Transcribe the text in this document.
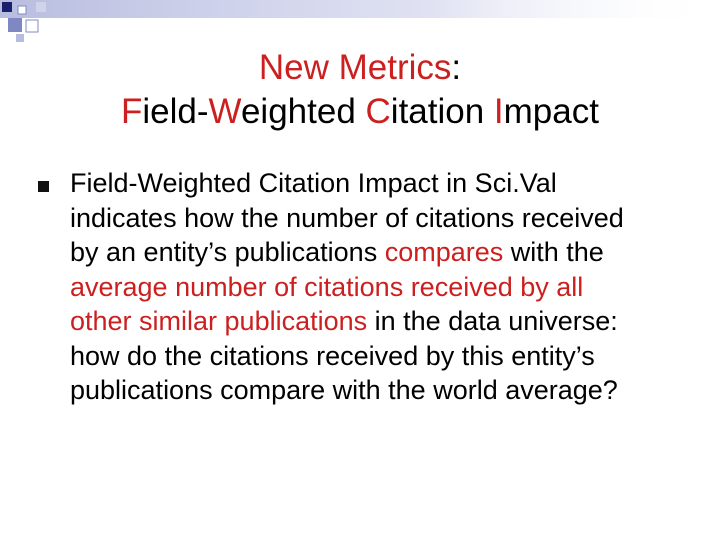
New Metrics:
Field-Weighted Citation Impact

Field-Weighted Citation Impact in Sci.Val indicates how the number of citations received by an entity’s publications compares with the average number of citations received by all other similar publications in the data universe: how do the citations received by this entity’s publications compare with the world average?
